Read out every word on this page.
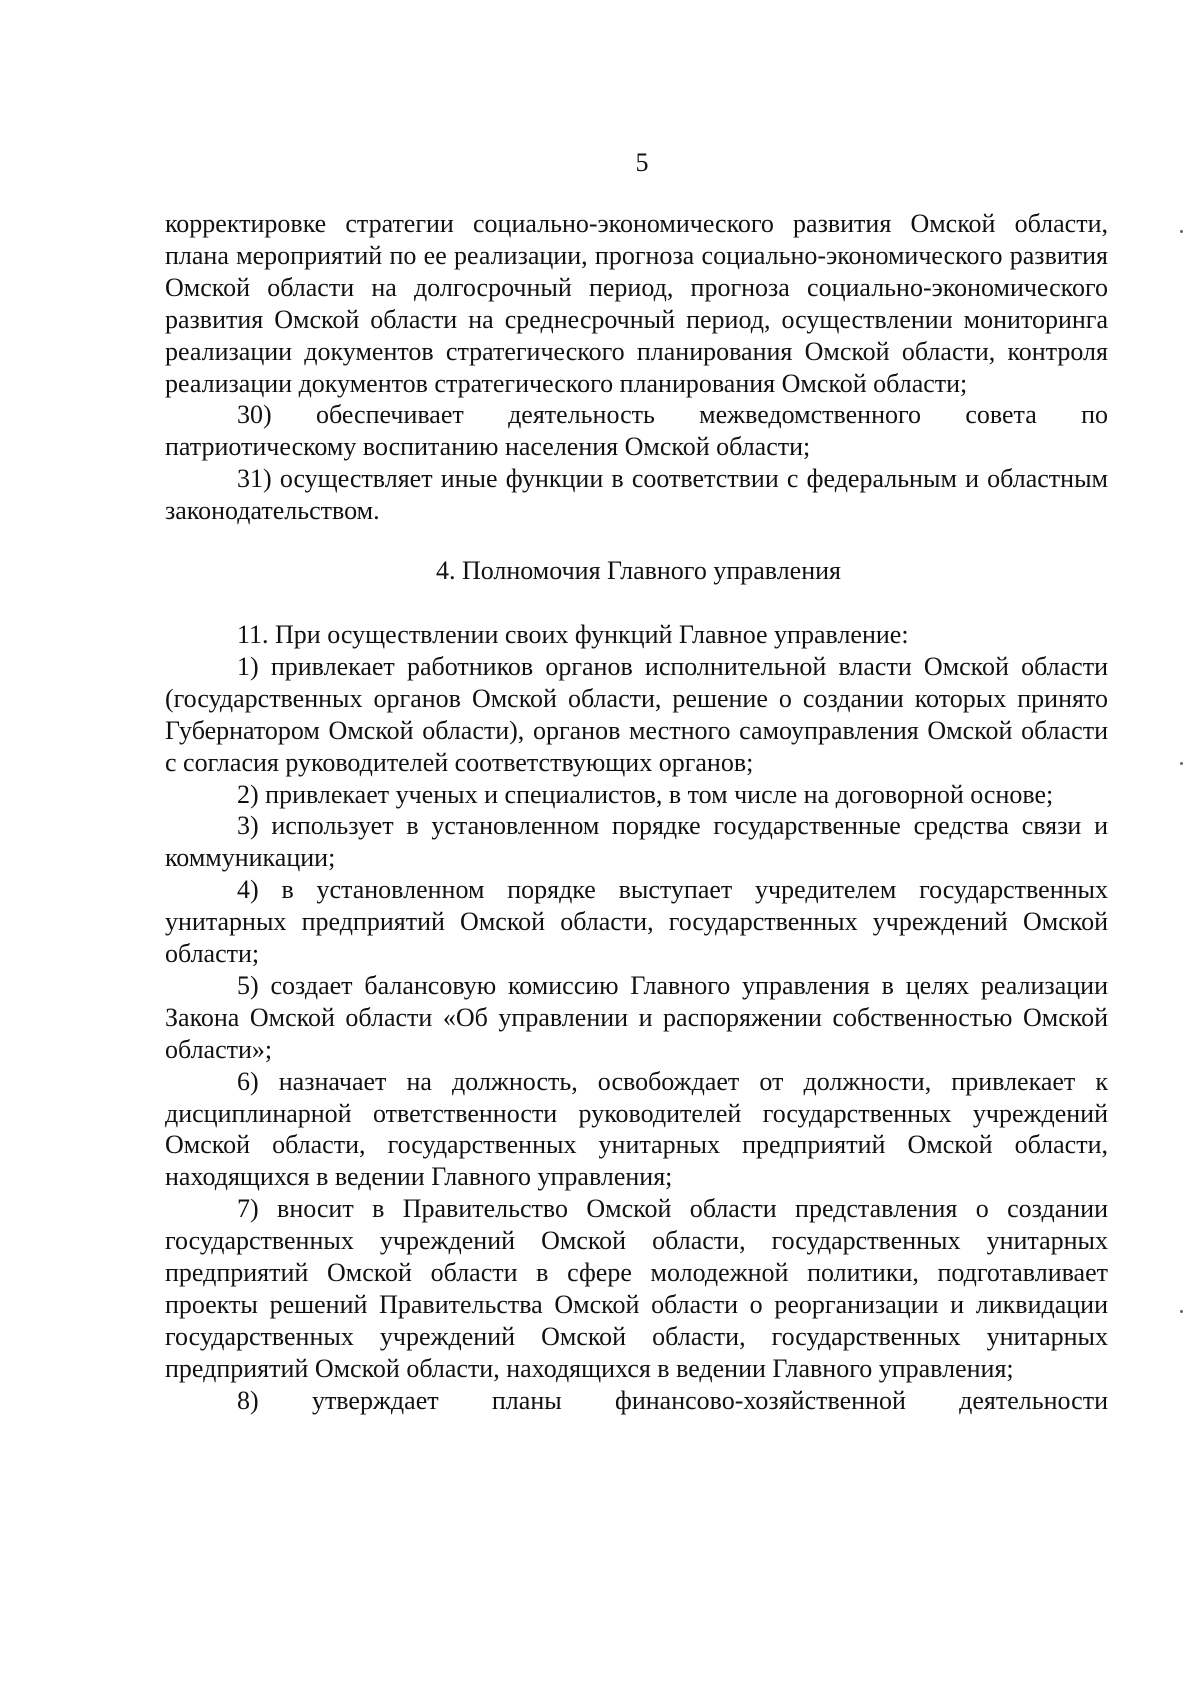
5

корректировке стратегии социально-экономического развития Омской области, плана мероприятий по ее реализации, прогноза социально-экономического развития Омской области на долгосрочный период, прогноза социально-экономического развития Омской области на среднесрочный период, осуществлении мониторинга реализации документов стратегического планирования Омской области, контроля реализации документов стратегического планирования Омской области;

30) обеспечивает деятельность межведомственного совета по патриотическому воспитанию населения Омской области;

31) осуществляет иные функции в соответствии с федеральным и областным законодательством.

4. Полномочия Главного управления

11. При осуществлении своих функций Главное управление:

1) привлекает работников органов исполнительной власти Омской области (государственных органов Омской области, решение о создании которых принято Губернатором Омской области), органов местного самоуправления Омской области с согласия руководителей соответствующих органов;

2) привлекает ученых и специалистов, в том числе на договорной основе;

3) использует в установленном порядке государственные средства связи и коммуникации;

4) в установленном порядке выступает учредителем государственных унитарных предприятий Омской области, государственных учреждений Омской области;

5) создает балансовую комиссию Главного управления в целях реализации Закона Омской области «Об управлении и распоряжении собственностью Омской области»;

6) назначает на должность, освобождает от должности, привлекает к дисциплинарной ответственности руководителей государственных учреждений Омской области, государственных унитарных предприятий Омской области, находящихся в ведении Главного управления;

7) вносит в Правительство Омской области представления о создании государственных учреждений Омской области, государственных унитарных предприятий Омской области в сфере молодежной политики, подготавливает проекты решений Правительства Омской области о реорганизации и ликвидации государственных учреждений Омской области, государственных унитарных предприятий Омской области, находящихся в ведении Главного управления;

8) утверждает планы финансово-хозяйственной деятельности
